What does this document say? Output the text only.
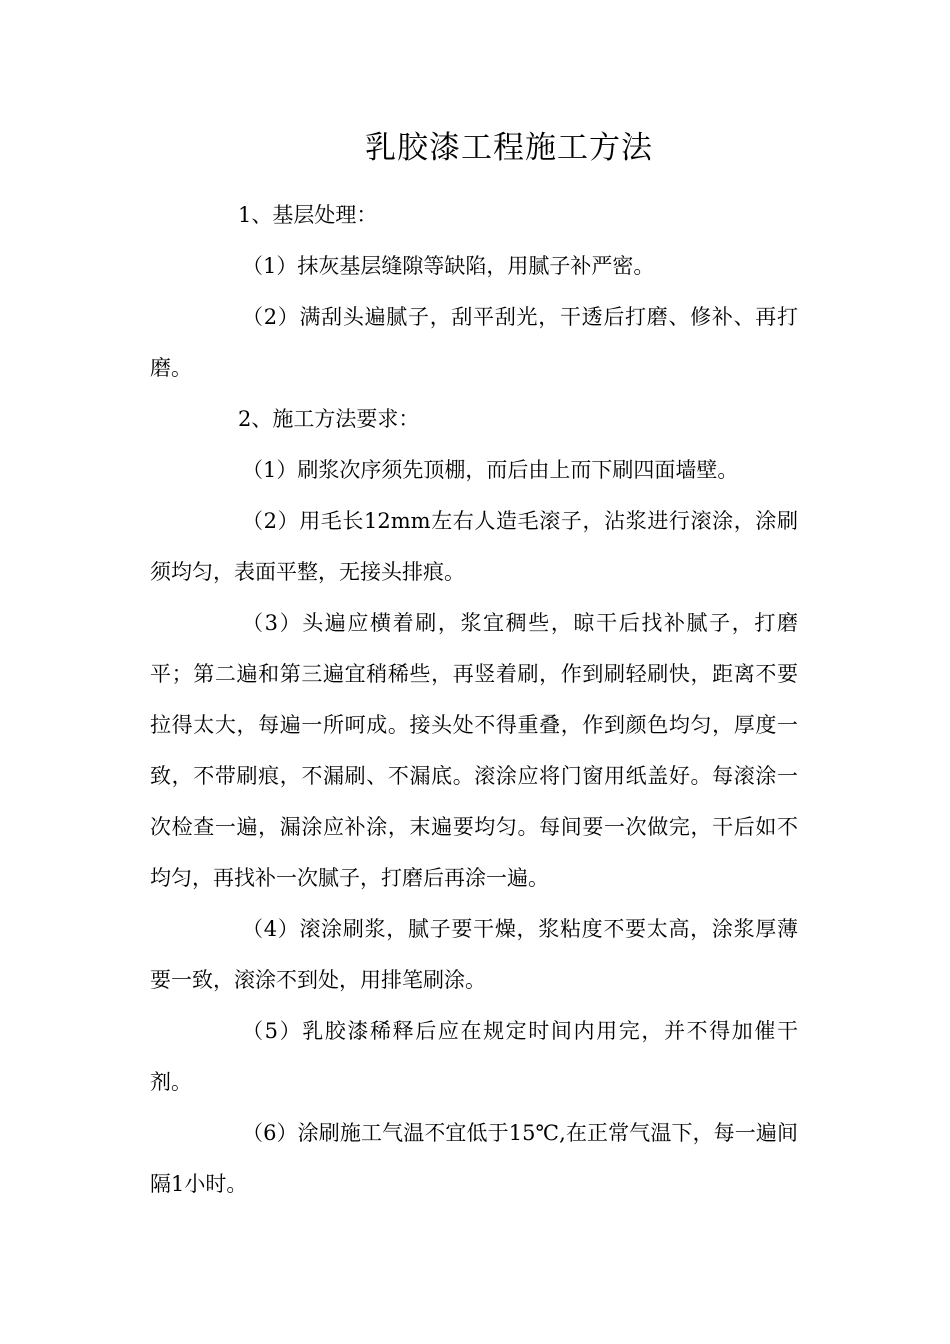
乳胶漆工程施工方法

1、基层处理：

（1）抹灰基层缝隙等缺陷，用腻子补严密。

（2）满刮头遍腻子，刮平刮光，干透后打磨、修补、再打磨。

2、施工方法要求：

（1）刷浆次序须先顶棚，而后由上而下刷四面墙壁。

（2）用毛长12mm左右人造毛滚子，沾浆进行滚涂，涂刷须均匀，表面平整，无接头排痕。

（3）头遍应横着刷，浆宜稠些，晾干后找补腻子，打磨平；第二遍和第三遍宜稍稀些，再竖着刷，作到刷轻刷快，距离不要拉得太大，每遍一所呵成。接头处不得重叠，作到颜色均匀，厚度一致，不带刷痕，不漏刷、不漏底。滚涂应将门窗用纸盖好。每滚涂一次检查一遍，漏涂应补涂，末遍要均匀。每间要一次做完，干后如不均匀，再找补一次腻子，打磨后再涂一遍。

（4）滚涂刷浆，腻子要干燥，浆粘度不要太高，涂浆厚薄要一致，滚涂不到处，用排笔刷涂。

（5）乳胶漆稀释后应在规定时间内用完，并不得加催干剂。

（6）涂刷施工气温不宜低于15℃,在正常气温下，每一遍间隔1小时。
